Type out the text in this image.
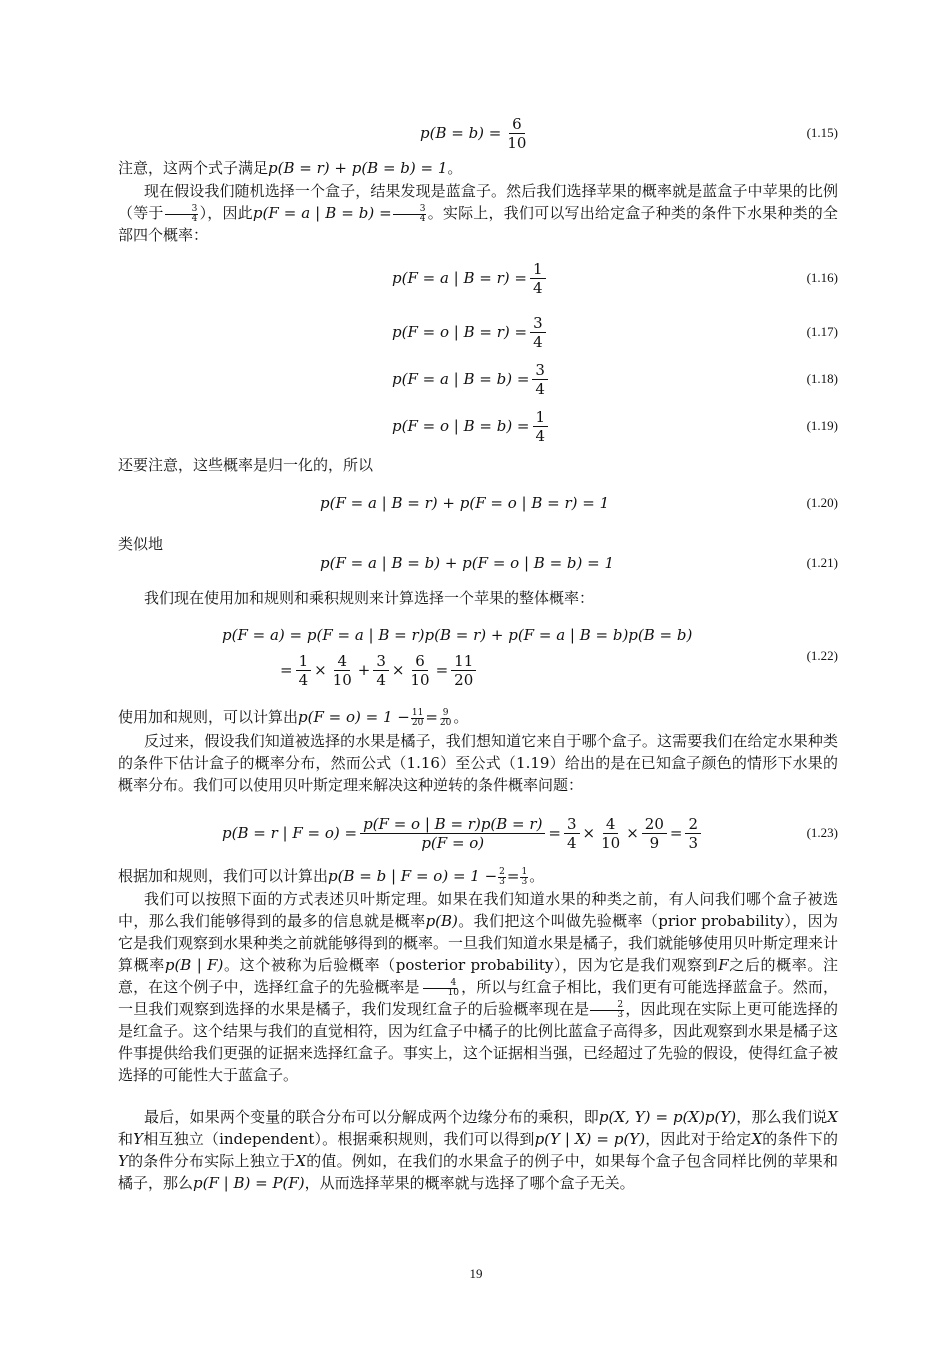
$p(B = b) = \frac{6}{10}$	(1.15)
注意，这两个式子满足p(B = r) + p(B = b) = 1。
现在假设我们随机选择一个盒子，结果发现是蓝盒子。然后我们选择苹果的概率就是蓝盒子中苹果的比例（等于 $\frac{3}{4}$ ），因此p(F = a | $B = b) = \frac{3}{4}$ 。实际上，我们可以写出给定盒子种类的条件下水果种类的全部四个概率：
p(F = a | $B = r) = \frac{1}{4}$	(1.16)
p(F = o | $B = r) = \frac{3}{4}$	(1.17)
p(F = a | $B = b) = \frac{3}{4}$	(1.18)
p(F = o | $B = b) = \frac{1}{4}$	(1.19)
还要注意，这些概率是归一化的，所以
p(F = a | B = r) + p(F = o | B = r) = 1	(1.20)
类似地
p(F = a | B = b) + p(F = o | B = b) = 1	(1.21)
我们现在使用加和规则和乘积规则来计算选择一个苹果的整体概率：
p(F = a) = p(F = a | B = r)p(B = r) + p(F = a | B = b)p(B = b)
= $\frac{1}{4} \times \frac{4}{10} + \frac{3}{4} \times \frac{6}{10} = \frac{11}{20}$	(1.22)
使用加和规则，可以计算出$p(F = o) = 1 - \frac{11}{20} = \frac{9}{20}$ 。
反过来，假设我们知道被选择的水果是橘子，我们想知道它来自于哪个盒子。这需要我们在给定水果种类的条件下估计盒子的概率分布，然而公式（1.16）至公式（1.19）给出的是在已知盒子颜色的情形下水果的概率分布。我们可以使用贝叶斯定理来解决这种逆转的条件概率问题：
p(B = r | $F = o) = \frac{p(F = o | B = r)p(B = r)}{p(F = o)} = \frac{3}{4} \times \frac{4}{10} \times \frac{20}{9} = \frac{2}{3}$	(1.23)
根据加和规则，我们可以计算出p(B = b | $F = o) = 1 - \frac{2}{3} = \frac{1}{3}$ 。
我们可以按照下面的方式表述贝叶斯定理。如果在我们知道水果的种类之前，有人问我们哪个盒子被选中，那么我们能够得到的最多的信息就是概率p(B)。我们把这个叫做先验概率（prior probability），因为它是我们观察到水果种类之前就能够得到的概率。一旦我们知道水果是橘子，我们就能够使用贝叶斯定理来计算概率p(B | F)。这个被称为后验概率（posterior probability），因为它是我们观察到F之后的概率。注意，在这个例子中，选择红盒子的先验概率是 $\frac{4}{10}$ ，所以与红盒子相比，我们更有可能选择蓝盒子。然而，一旦我们观察到选择的水果是橘子，我们发现红盒子的后验概率现在是 $\frac{2}{3}$ ，因此现在实际上更可能选择的是红盒子。这个结果与我们的直觉相符，因为红盒子中橘子的比例比蓝盒子高得多，因此观察到水果是橘子这件事提供给我们更强的证据来选择红盒子。事实上，这个证据相当强，已经超过了先验的假设，使得红盒子被选择的可能性大于蓝盒子。
最后，如果两个变量的联合分布可以分解成两个边缘分布的乘积，即p(X, Y) = p(X)p(Y)，那么我们说X和Y相互独立（independent）。根据乘积规则，我们可以得到p(Y | X) = p(Y)，因此对于给定X的条件下的Y的条件分布实际上独立于X的值。例如，在我们的水果盒子的例子中，如果每个盒子包含同样比例的苹果和橘子，那么p(F | B) = P(F)，从而选择苹果的概率就与选择了哪个盒子无关。
19
